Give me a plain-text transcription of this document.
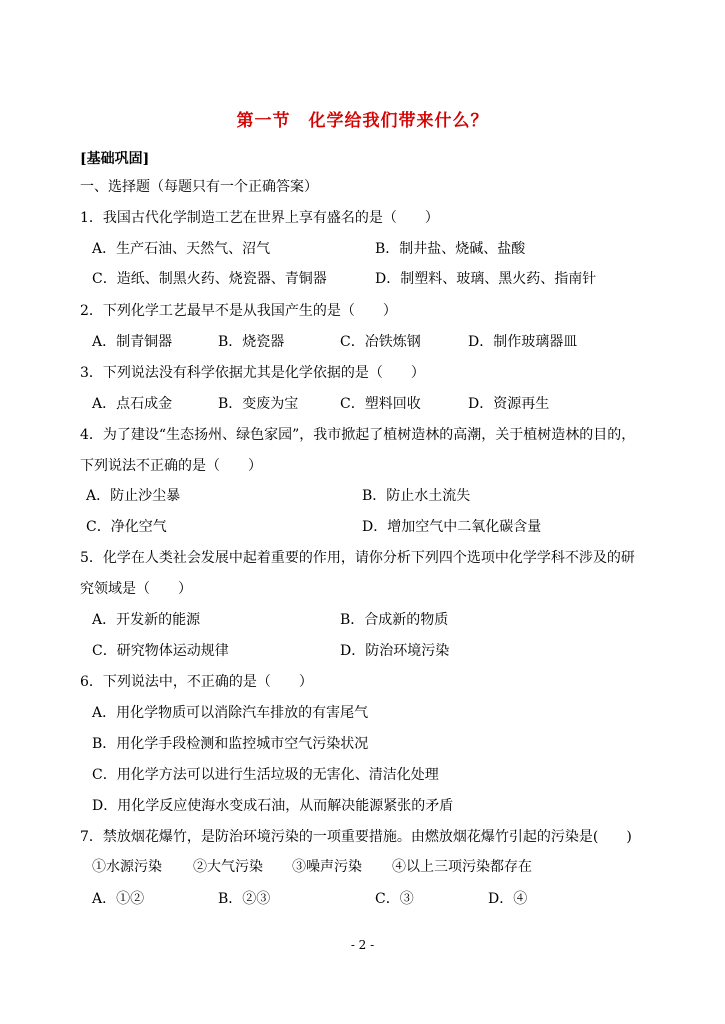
第一节　化学给我们带来什么？
[基础巩固]
一、选择题（每题只有一个正确答案）
1．我国古代化学制造工艺在世界上享有盛名的是（　　）
A．生产石油、天然气、沼气	B．制井盐、烧碱、盐酸
C．造纸、制黑火药、烧瓷器、青铜器	D．制塑料、玻璃、黑火药、指南针
2．下列化学工艺最早不是从我国产生的是（　　）
A．制青铜器	B．烧瓷器	C．冶铁炼钢	D．制作玻璃器皿
3．下列说法没有科学依据尤其是化学依据的是（　　）
A．点石成金	B．变废为宝	C．塑料回收	D．资源再生
4．为了建设“生态扬州、绿色家园”，我市掀起了植树造林的高潮，关于植树造林的目的，
下列说法不正确的是（　　）
A．防止沙尘暴	B．防止水土流失
C．净化空气	D．增加空气中二氧化碳含量
5．化学在人类社会发展中起着重要的作用，请你分析下列四个选项中化学学科不涉及的研
究领域是（　　）
A．开发新的能源	B．合成新的物质
C．研究物体运动规律	D．防治环境污染
6．下列说法中，不正确的是（　　）
A．用化学物质可以消除汽车排放的有害尾气
B．用化学手段检测和监控城市空气污染状况
C．用化学方法可以进行生活垃圾的无害化、清洁化处理
D．用化学反应使海水变成石油，从而解决能源紧张的矛盾
7．禁放烟花爆竹，是防治环境污染的一项重要措施。由燃放烟花爆竹引起的污染是(　　)
①水源污染 ②大气污染 ③噪声污染 ④以上三项污染都存在
A．①②	B．②③	C．③	D．④
- 2 -
